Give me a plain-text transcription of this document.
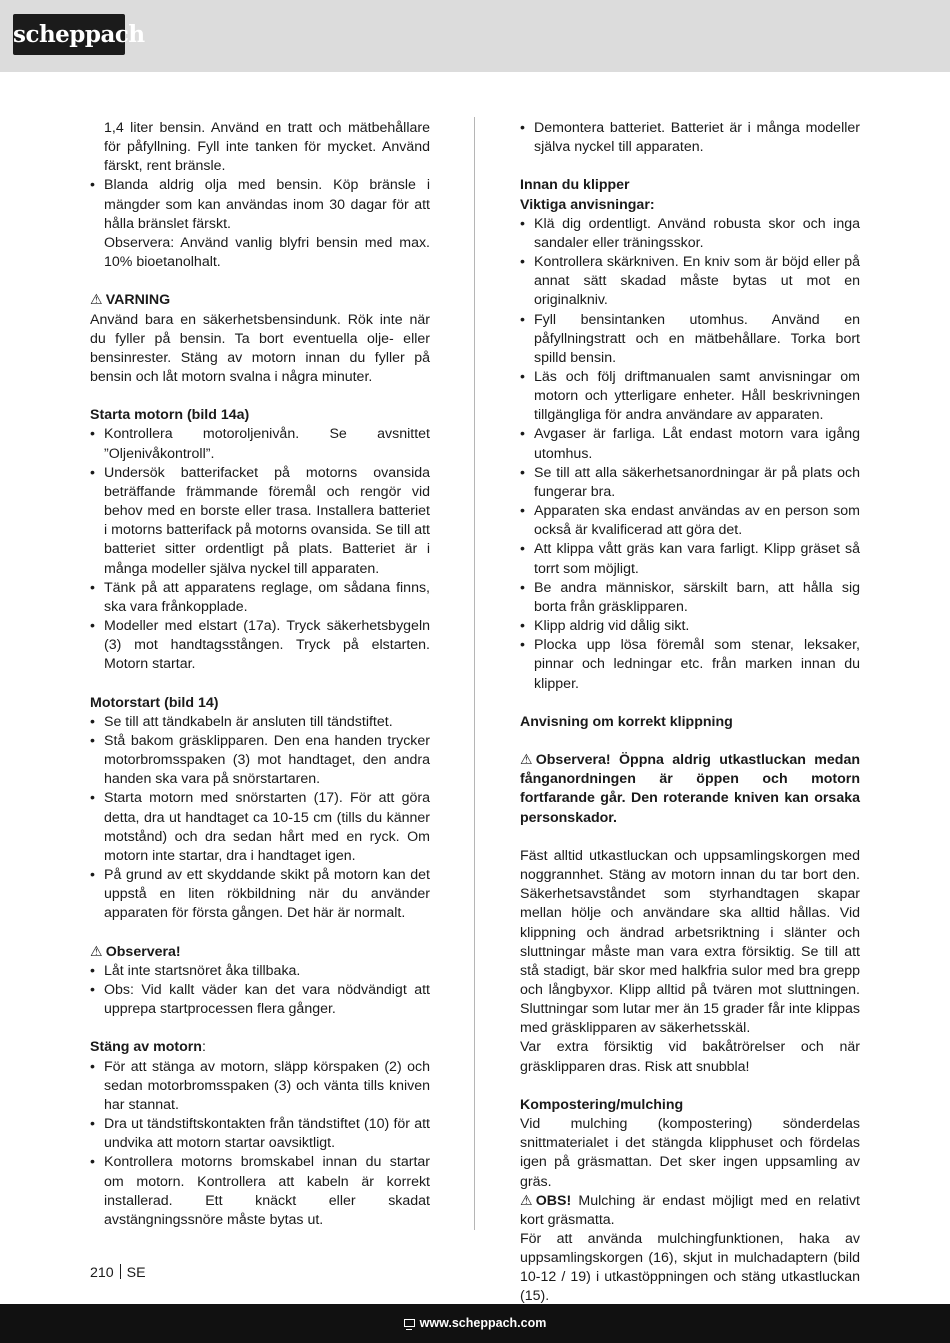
scheppach
1,4 liter bensin. Använd en tratt och mätbehållare för påfyllning. Fyll inte tanken för mycket. Använd färskt, rent bränsle.
• Blanda aldrig olja med bensin. Köp bränsle i mängder som kan användas inom 30 dagar för att hålla bränslet färskt.
Observera: Använd vanlig blyfri bensin med max. 10% bioetanolhalt.
⚠ VARNING
Använd bara en säkerhetsbensindunk. Rök inte när du fyller på bensin. Ta bort eventuella olje- eller bensinrester. Stäng av motorn innan du fyller på bensin och låt motorn svalna i några minuter.
Starta motorn (bild 14a)
• Kontrollera motoroljenivån. Se avsnittet ”Oljenivåkontroll”.
• Undersök batterifacket på motorns ovansida beträffande främmande föremål och rengör vid behov med en borste eller trasa. Installera batteriet i motorns batterifack på motorns ovansida. Se till att batteriet sitter ordentligt på plats. Batteriet är i många modeller själva nyckel till apparaten.
• Tänk på att apparatens reglage, om sådana finns, ska vara frånkopplade.
• Modeller med elstart (17a). Tryck säkerhetsbygeln (3) mot handtagsstången. Tryck på elstarten. Motorn startar.
Motorstart (bild 14)
• Se till att tändkabeln är ansluten till tändstiftet.
• Stå bakom gräsklipparen. Den ena handen trycker motorbromsspaken (3) mot handtaget, den andra handen ska vara på snörstartaren.
• Starta motorn med snörstarten (17). För att göra detta, dra ut handtaget ca 10-15 cm (tills du känner motstånd) och dra sedan hårt med en ryck. Om motorn inte startar, dra i handtaget igen.
• På grund av ett skyddande skikt på motorn kan det uppstå en liten rökbildning när du använder apparaten för första gången. Det här är normalt.
⚠ Observera!
• Låt inte startsnöret åka tillbaka.
• Obs: Vid kallt väder kan det vara nödvändigt att upprepa startprocessen flera gånger.
Stäng av motorn:
• För att stänga av motorn, släpp körspaken (2) och sedan motorbromsspaken (3) och vänta tills kniven har stannat.
• Dra ut tändstiftskontakten från tändstiftet (10) för att undvika att motorn startar oavsiktligt.
• Kontrollera motorns bromskabel innan du startar om motorn. Kontrollera att kabeln är korrekt installerad. Ett knäckt eller skadat avstängningssnöre måste bytas ut.
• Demontera batteriet. Batteriet är i många modeller själva nyckel till apparaten.
Innan du klipper
Viktiga anvisningar:
• Klä dig ordentligt. Använd robusta skor och inga sandaler eller träningsskor.
• Kontrollera skärkniven. En kniv som är böjd eller på annat sätt skadad måste bytas ut mot en originalkniv.
• Fyll bensintanken utomhus. Använd en påfyllningstratt och en mätbehållare. Torka bort spilld bensin.
• Läs och följ driftmanualen samt anvisningar om motorn och ytterligare enheter. Håll beskrivningen tillgängliga för andra användare av apparaten.
• Avgaser är farliga. Låt endast motorn vara igång utomhus.
• Se till att alla säkerhetsanordningar är på plats och fungerar bra.
• Apparaten ska endast användas av en person som också är kvalificerad att göra det.
• Att klippa vått gräs kan vara farligt. Klipp gräset så torrt som möjligt.
• Be andra människor, särskilt barn, att hålla sig borta från gräsklipparen.
• Klipp aldrig vid dålig sikt.
• Plocka upp lösa föremål som stenar, leksaker, pinnar och ledningar etc. från marken innan du klipper.
Anvisning om korrekt klippning
⚠ Observera! Öppna aldrig utkastluckan medan fånganordningen är öppen och motorn fortfarande går. Den roterande kniven kan orsaka personskador.
Fäst alltid utkastluckan och uppsamlingskorgen med noggrannhet. Stäng av motorn innan du tar bort den. Säkerhetsavståndet som styrhandtagen skapar mellan hölje och användare ska alltid hållas. Vid klippning och ändrad arbetsriktning i slänter och sluttningar måste man vara extra försiktig. Se till att stå stadigt, bär skor med halkfria sulor med bra grepp och långbyxor. Klipp alltid på tvären mot sluttningen. Sluttningar som lutar mer än 15 grader får inte klippas med gräsklipparen av säkerhetsskäl.
Var extra försiktig vid bakåtrörelser och när gräsklipparen dras. Risk att snubbla!
Kompostering/mulching
Vid mulching (kompostering) sönderdelas snittmaterialet i det stängda klipphuset och fördelas igen på gräsmattan. Det sker ingen uppsamling av gräs.
⚠ OBS! Mulching är endast möjligt med en relativt kort gräsmatta.
För att använda mulchingfunktionen, haka av uppsamlingskorgen (16), skjut in mulchadaptern (bild 10-12 / 19) i utkastöppningen och stäng utkastluckan (15).
210 SE
www.scheppach.com
